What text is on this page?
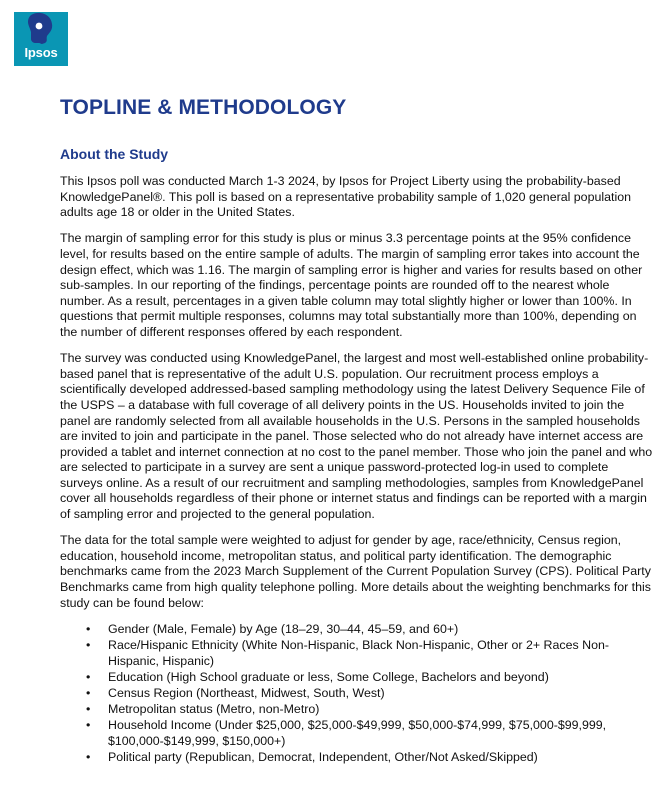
Ipsos
TOPLINE & METHODOLOGY
About the Study

This Ipsos poll was conducted March 1-3 2024, by Ipsos for Project Liberty using the probability-based KnowledgePanel®. This poll is based on a representative probability sample of 1,020 general population adults age 18 or older in the United States.

The margin of sampling error for this study is plus or minus 3.3 percentage points at the 95% confidence level, for results based on the entire sample of adults. The margin of sampling error takes into account the design effect, which was 1.16. The margin of sampling error is higher and varies for results based on other sub-samples. In our reporting of the findings, percentage points are rounded off to the nearest whole number. As a result, percentages in a given table column may total slightly higher or lower than 100%. In questions that permit multiple responses, columns may total substantially more than 100%, depending on the number of different responses offered by each respondent.

The survey was conducted using KnowledgePanel, the largest and most well-established online probability-based panel that is representative of the adult U.S. population. Our recruitment process employs a scientifically developed addressed-based sampling methodology using the latest Delivery Sequence File of the USPS – a database with full coverage of all delivery points in the US. Households invited to join the panel are randomly selected from all available households in the U.S. Persons in the sampled households are invited to join and participate in the panel. Those selected who do not already have internet access are provided a tablet and internet connection at no cost to the panel member. Those who join the panel and who are selected to participate in a survey are sent a unique password-protected log-in used to complete surveys online. As a result of our recruitment and sampling methodologies, samples from KnowledgePanel cover all households regardless of their phone or internet status and findings can be reported with a margin of sampling error and projected to the general population.

The data for the total sample were weighted to adjust for gender by age, race/ethnicity, Census region, education, household income, metropolitan status, and political party identification. The demographic benchmarks came from the 2023 March Supplement of the Current Population Survey (CPS). Political Party Benchmarks came from high quality telephone polling. More details about the weighting benchmarks for this study can be found below:

• Gender (Male, Female) by Age (18–29, 30–44, 45–59, and 60+)
• Race/Hispanic Ethnicity (White Non-Hispanic, Black Non-Hispanic, Other or 2+ Races Non-Hispanic, Hispanic)
• Education (High School graduate or less, Some College, Bachelors and beyond)
• Census Region (Northeast, Midwest, South, West)
• Metropolitan status (Metro, non-Metro)
• Household Income (Under $25,000, $25,000-$49,999, $50,000-$74,999, $75,000-$99,999, $100,000-$149,999, $150,000+)
• Political party (Republican, Democrat, Independent, Other/Not Asked/Skipped)
